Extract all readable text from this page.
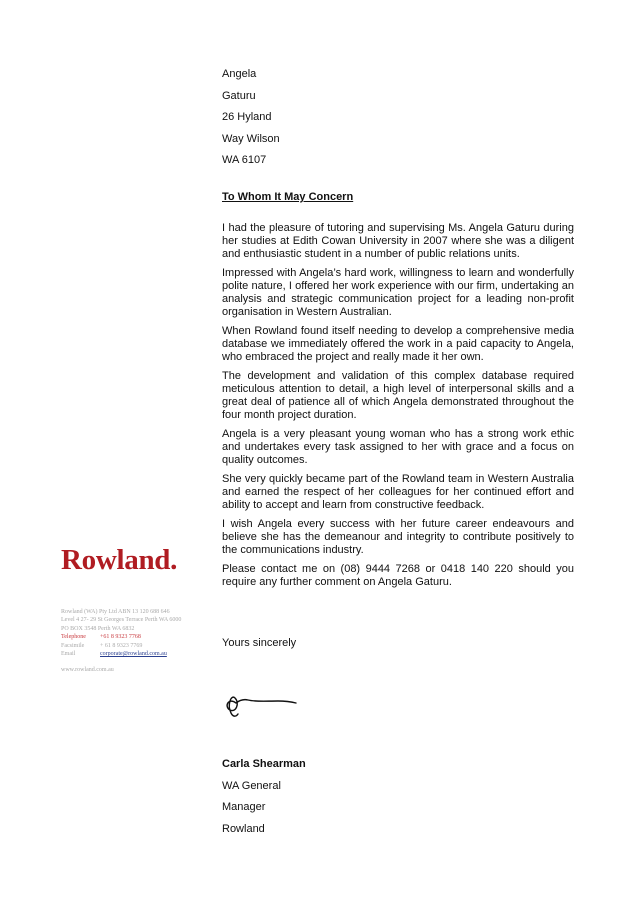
Angela
Gaturu
26 Hyland
Way Wilson
WA 6107
To Whom It May Concern

I had the pleasure of tutoring and supervising Ms. Angela Gaturu during her studies at Edith Cowan University in 2007 where she was a diligent and enthusiastic student in a number of public relations units.

Impressed with Angela’s hard work, willingness to learn and wonderfully polite nature, I offered her work experience with our firm, undertaking an analysis and strategic communication project for a leading non-profit organisation in Western Australian.

When Rowland found itself needing to develop a comprehensive media database we immediately offered the work in a paid capacity to Angela, who embraced the project and really made it her own.

The development and validation of this complex database required meticulous attention to detail, a high level of interpersonal skills and a great deal of patience all of which Angela demonstrated throughout the four month project duration.

Angela is a very pleasant young woman who has a strong work ethic and undertakes every task assigned to her with grace and a focus on quality outcomes.

She very quickly became part of the Rowland team in Western Australia and earned the respect of her colleagues for her continued effort and ability to accept and learn from constructive feedback.

I wish Angela every success with her future career endeavours and believe she has the demeanour and integrity to contribute positively to the communications industry.

Please contact me on (08) 9444 7268 or 0418 140 220 should you require any further comment on Angela Gaturu.

Yours sincerely
Carla Shearman
WA General
Manager
Rowland
Rowland.
Rowland (WA) Pty Ltd ABN 13 120 688 646
Level 4 27- 29 St Georges Terrace Perth WA 6000
PO BOX 3548 Perth WA 6832
Telephone +61 8 9323 7768
Facsimile	+ 61 8 9323 7769
Email	corporate@rowland.com.au
www.rowland.com.au
